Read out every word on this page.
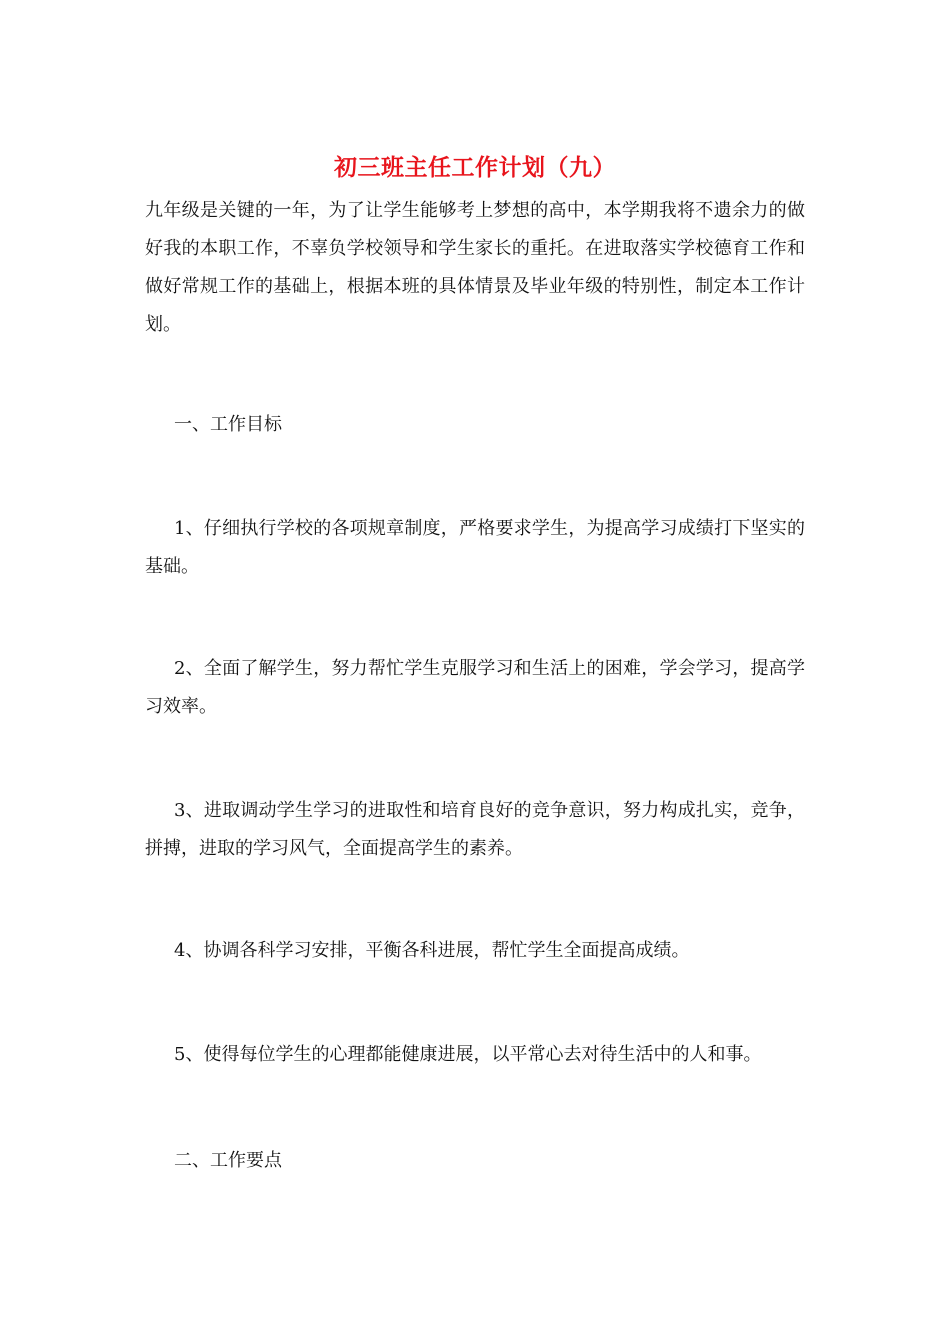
初三班主任工作计划（九）

九年级是关键的一年，为了让学生能够考上梦想的高中，本学期我将不遗余力的做好我的本职工作，不辜负学校领导和学生家长的重托。在进取落实学校德育工作和做好常规工作的基础上，根据本班的具体情景及毕业年级的特别性，制定本工作计划。

一、工作目标

1、仔细执行学校的各项规章制度，严格要求学生，为提高学习成绩打下坚实的基础。

2、全面了解学生，努力帮忙学生克服学习和生活上的困难，学会学习，提高学习效率。

3、进取调动学生学习的进取性和培育良好的竞争意识，努力构成扎实，竞争，拼搏，进取的学习风气，全面提高学生的素养。

4、协调各科学习安排，平衡各科进展，帮忙学生全面提高成绩。

5、使得每位学生的心理都能健康进展，以平常心去对待生活中的人和事。

二、工作要点
